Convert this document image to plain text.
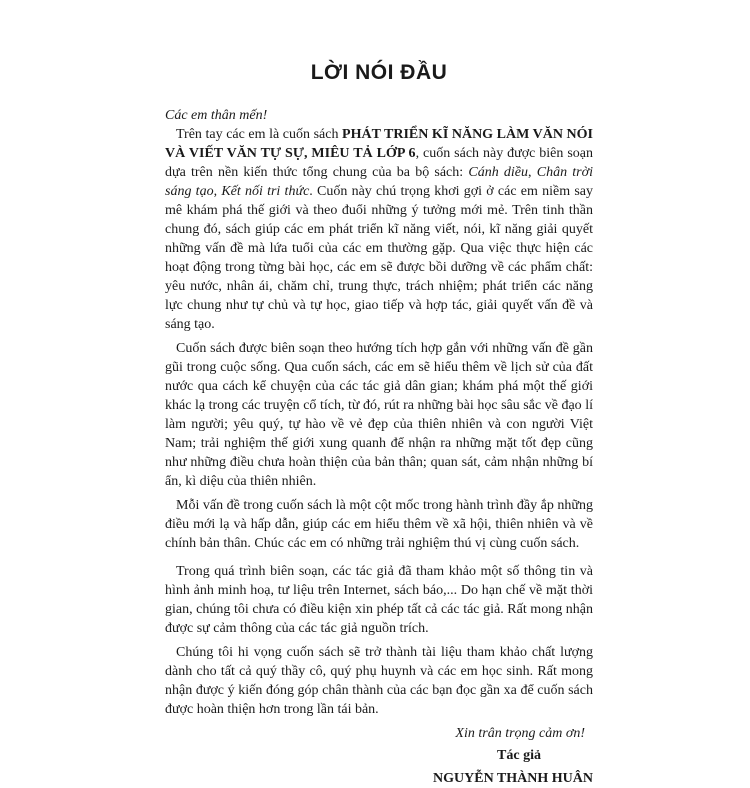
LỜI NÓI ĐẦU

Các em thân mến!

Trên tay các em là cuốn sách PHÁT TRIỂN KĨ NĂNG LÀM VĂN NÓI VÀ VIẾT VĂN TỰ SỰ, MIÊU TẢ LỚP 6, cuốn sách này được biên soạn dựa trên nền kiến thức tổng chung của ba bộ sách: Cánh diều, Chân trời sáng tạo, Kết nối tri thức. Cuốn này chú trọng khơi gợi ở các em niềm say mê khám phá thế giới và theo đuổi những ý tưởng mới mẻ. Trên tinh thần chung đó, sách giúp các em phát triển kĩ năng viết, nói, kĩ năng giải quyết những vấn đề mà lứa tuổi của các em thường gặp. Qua việc thực hiện các hoạt động trong từng bài học, các em sẽ được bồi dưỡng về các phẩm chất: yêu nước, nhân ái, chăm chỉ, trung thực, trách nhiệm; phát triển các năng lực chung như tự chủ và tự học, giao tiếp và hợp tác, giải quyết vấn đề và sáng tạo.

Cuốn sách được biên soạn theo hướng tích hợp gắn với những vấn đề gần gũi trong cuộc sống. Qua cuốn sách, các em sẽ hiểu thêm về lịch sử của đất nước qua cách kể chuyện của các tác giả dân gian; khám phá một thế giới khác lạ trong các truyện cổ tích, từ đó, rút ra những bài học sâu sắc về đạo lí làm người; yêu quý, tự hào về vẻ đẹp của thiên nhiên và con người Việt Nam; trải nghiệm thế giới xung quanh để nhận ra những mặt tốt đẹp cũng như những điều chưa hoàn thiện của bản thân; quan sát, cảm nhận những bí ẩn, kì diệu của thiên nhiên.

Mỗi vấn đề trong cuốn sách là một cột mốc trong hành trình đầy ắp những điều mới lạ và hấp dẫn, giúp các em hiểu thêm về xã hội, thiên nhiên và về chính bản thân. Chúc các em có những trải nghiệm thú vị cùng cuốn sách.

Trong quá trình biên soạn, các tác giả đã tham khảo một số thông tin và hình ảnh minh hoạ, tư liệu trên Internet, sách báo,... Do hạn chế về mặt thời gian, chúng tôi chưa có điều kiện xin phép tất cả các tác giả. Rất mong nhận được sự cảm thông của các tác giả nguồn trích.

Chúng tôi hi vọng cuốn sách sẽ trở thành tài liệu tham khảo chất lượng dành cho tất cả quý thầy cô, quý phụ huynh và các em học sinh. Rất mong nhận được ý kiến đóng góp chân thành của các bạn đọc gần xa để cuốn sách được hoàn thiện hơn trong lần tái bản.

Xin trân trọng cảm ơn!
Tác giả
NGUYỄN THÀNH HUÂN
